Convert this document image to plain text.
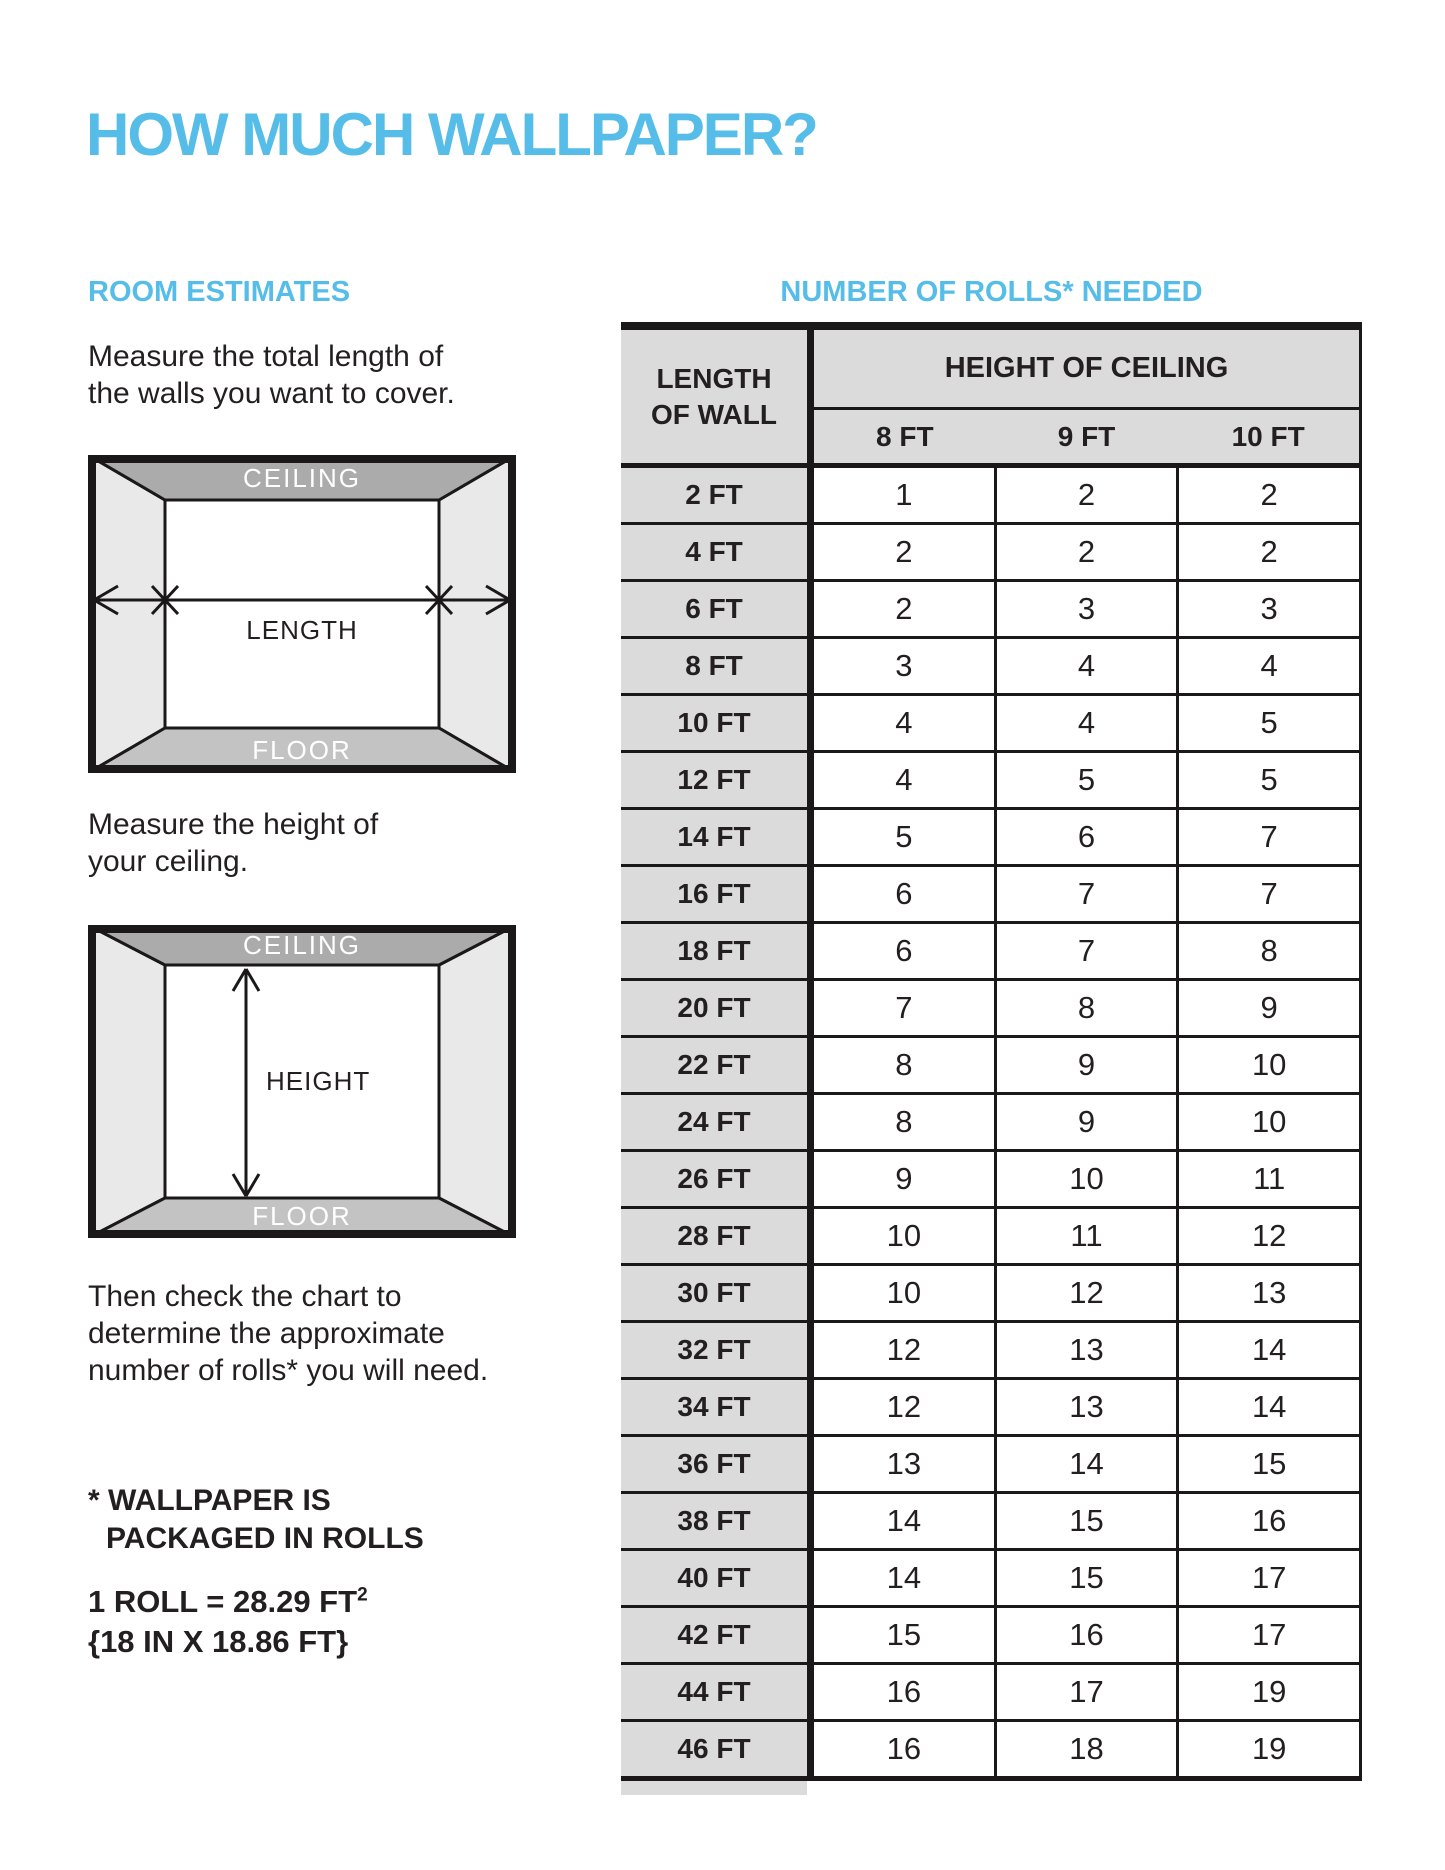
HOW MUCH WALLPAPER?
ROOM ESTIMATES	NUMBER OF ROLLS* NEEDED
Measure the total length of
the walls you want to cover.
CEILING
LENGTH
FLOOR
Measure the height of
your ceiling.
CEILING
HEIGHT
FLOOR
Then check the chart to
determine the approximate
number of rolls* you will need.
* WALLPAPER IS
PACKAGED IN ROLLS
1 ROLL = 28.29 $FT^2$
{18 IN X 18.86 FT}
LENGTH
OF WALL
HEIGHT OF CEILING
8 FT	9 FT	10 FT
2 FT	1	2	2
4 FT	2	2	2
6 FT	2	3	3
8 FT	3	4	4
10 FT	4	4	5
12 FT	4	5	5
14 FT	5	6	7
16 FT	6	7	7
18 FT	6	7	8
20 FT	7	8	9
22 FT	8	9	10
24 FT	8	9	10
26 FT	9	10	11
28 FT	10	11	12
30 FT	10	12	13
32 FT	12	13	14
34 FT	12	13	14
36 FT	13	14	15
38 FT	14	15	16
40 FT	14	15	17
42 FT	15	16	17
44 FT	16	17	19
46 FT	16	18	19
